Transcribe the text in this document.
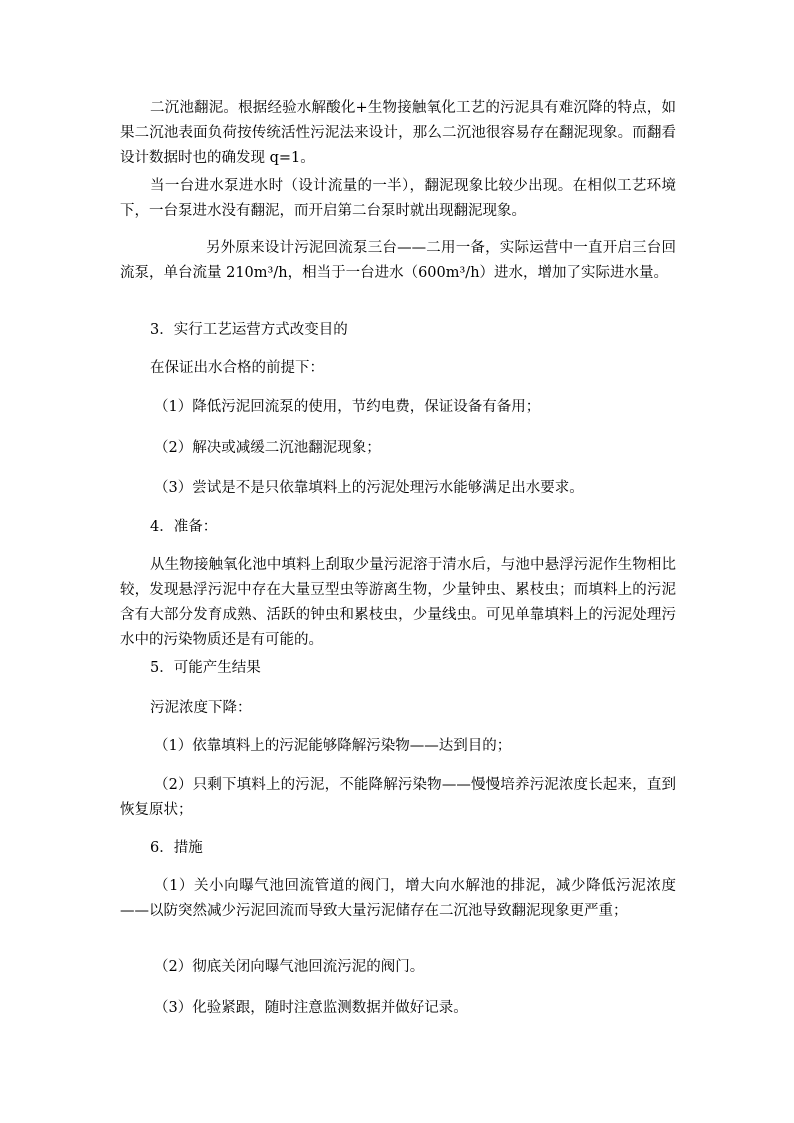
二沉池翻泥。根据经验水解酸化+生物接触氧化工艺的污泥具有难沉降的特点，如果二沉池表面负荷按传统活性污泥法来设计，那么二沉池很容易存在翻泥现象。而翻看设计数据时也的确发现 q=1。

当一台进水泵进水时（设计流量的一半），翻泥现象比较少出现。在相似工艺环境下，一台泵进水没有翻泥，而开启第二台泵时就出现翻泥现象。

另外原来设计污泥回流泵三台——二用一备，实际运营中一直开启三台回流泵，单台流量 210m³/h，相当于一台进水（600m³/h）进水，增加了实际进水量。

3．实行工艺运营方式改变目的

在保证出水合格的前提下：

（1）降低污泥回流泵的使用，节约电费，保证设备有备用；

（2）解决或减缓二沉池翻泥现象；

（3）尝试是不是只依靠填料上的污泥处理污水能够满足出水要求。

4．准备：

从生物接触氧化池中填料上刮取少量污泥溶于清水后，与池中悬浮污泥作生物相比较，发现悬浮污泥中存在大量豆型虫等游离生物，少量钟虫、累枝虫；而填料上的污泥含有大部分发育成熟、活跃的钟虫和累枝虫，少量线虫。可见单靠填料上的污泥处理污水中的污染物质还是有可能的。

5．可能产生结果

污泥浓度下降：

（1）依靠填料上的污泥能够降解污染物——达到目的；

（2）只剩下填料上的污泥，不能降解污染物——慢慢培养污泥浓度长起来，直到恢复原状；

6．措施

（1）关小向曝气池回流管道的阀门，增大向水解池的排泥，减少降低污泥浓度——以防突然减少污泥回流而导致大量污泥储存在二沉池导致翻泥现象更严重；

（2）彻底关闭向曝气池回流污泥的阀门。

（3）化验紧跟，随时注意监测数据并做好记录。
